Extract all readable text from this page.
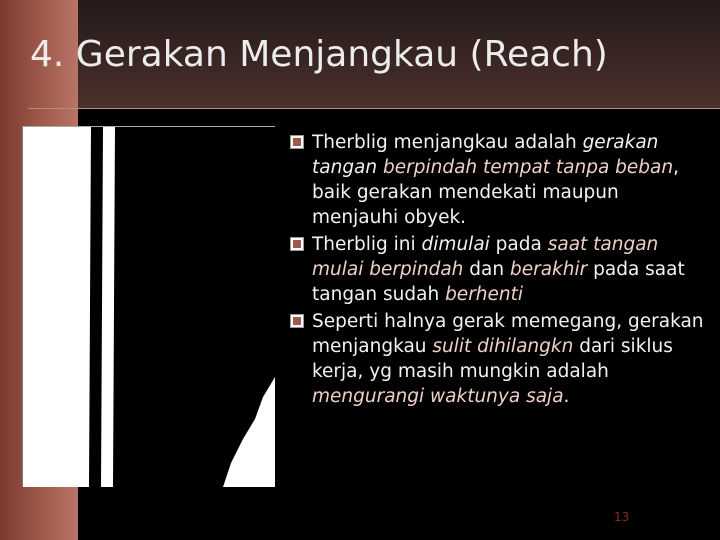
4. Gerakan Menjangkau (Reach)

Therblig menjangkau adalah gerakan tangan berpindah tempat tanpa beban, baik gerakan mendekati maupun menjauhi obyek.

Therblig ini dimulai pada saat tangan mulai berpindah dan berakhir pada saat tangan sudah berhenti

Seperti halnya gerak memegang, gerakan menjangkau sulit dihilangkn dari siklus kerja, yg masih mungkin adalah mengurangi waktunya saja.

13
